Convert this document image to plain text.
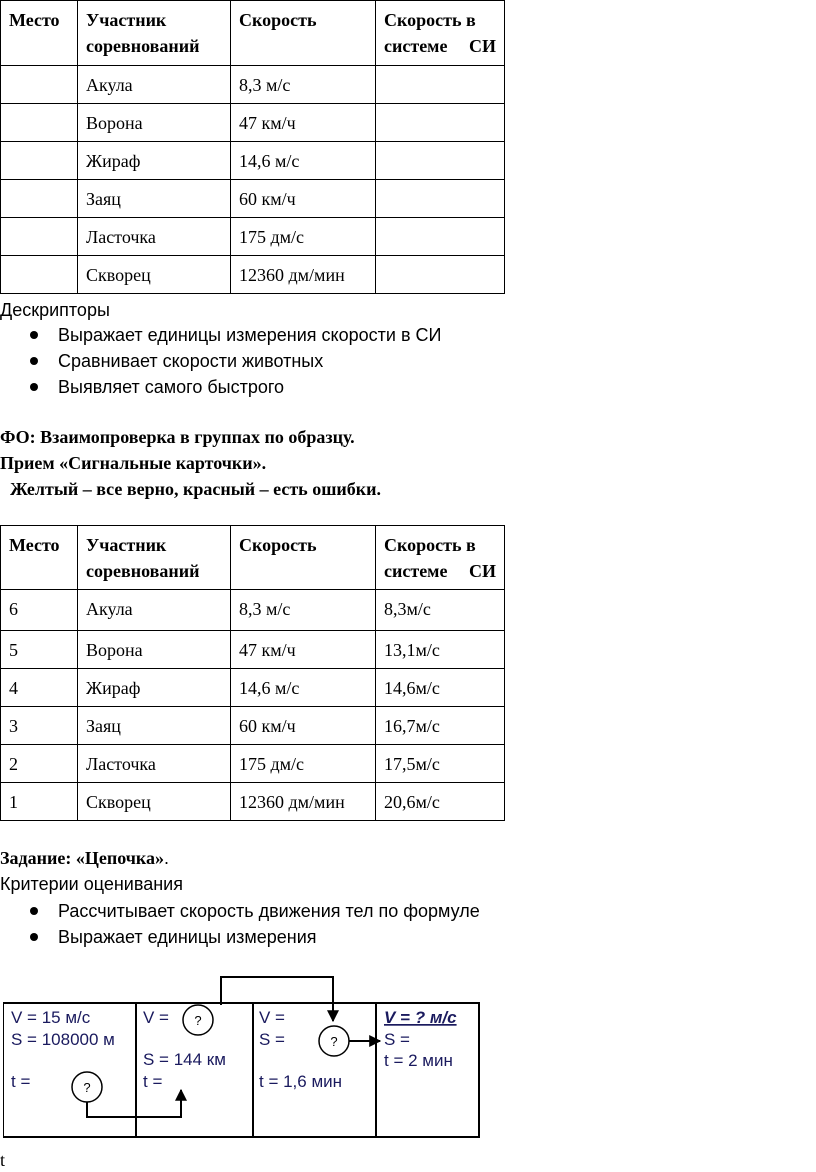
Место	Участник соревнований	Скорость	Скорость в системе СИ
	Акула	8,3 м/с	
	Ворона	47 км/ч	
	Жираф	14,6 м/с	
	Заяц	60 км/ч	
	Ласточка	175 дм/с	
	Скворец	12360 дм/мин	
Дескрипторы
Выражает единицы измерения скорости в СИ
Сравнивает скорости животных
Выявляет самого быстрого
ФО: Взаимопроверка в группах по образцу.
Прием «Сигнальные карточки».
Желтый – все верно, красный – есть ошибки.
Место	Участник соревнований	Скорость	Скорость в системе СИ
6	Акула	8,3 м/с	8,3м/с
5	Ворона	47 км/ч	13,1м/с
4	Жираф	14,6 м/с	14,6м/с
3	Заяц	60 км/ч	16,7м/с
2	Ласточка	175 дм/с	17,5м/с
1	Скворец	12360 дм/мин	20,6м/с
Задание: «Цепочка».
Критерии оценивания
Рассчитывает скорость движения тел по формуле
Выражает единицы измерения
V = 15 м/с
S = 108000 м
t =	?
V =
S = 144 км
t =
?	V =
S =
t = 1,6 мин
?
V = ? м/с
S =
t = 2 мин
t
